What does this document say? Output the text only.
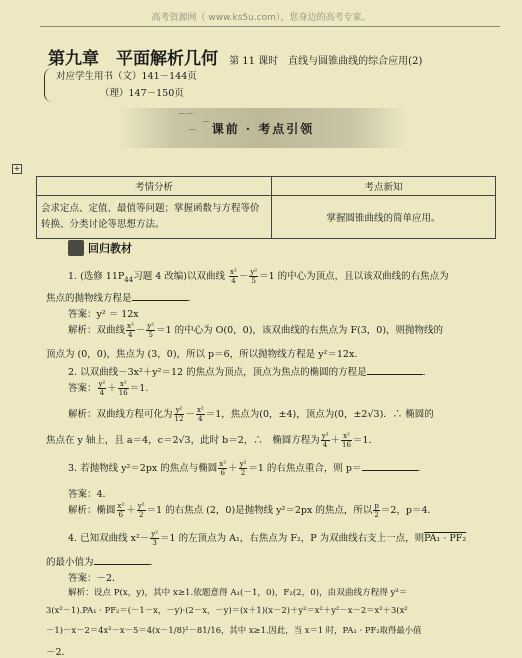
高考资源网（ www.ks5u.com），您身边的高考专家。
第九章　平面解析几何 第 11 课时　直线与圆锥曲线的综合应用(2)
对应学生用书（文）141－144页
（理）147－150页
⌒⌒
⌒
⌒	课前 · 考点引领
+
考情分析	考点新知
会求定点、定值、最值等问题；掌握函数与方程等价转换、分类讨论等思想方法。	掌握圆锥曲线的简单应用。
回归教材
1. (选修 $11P_{44}$习题 4 改编)以双曲线 $\frac{\text{x²}}{4} - \frac{\text{y²}}{5} =1$ 的中心为顶点，且以该双曲线的右焦点为
焦点的抛物线方程是	.
答案：y² ＝ 12x
解析：双曲线 $\frac{\text{x²}}{4} - \frac{\text{y²}}{5} =1$ 的中心为 O(0，0)，该双曲线的右焦点为 F(3，0)，则抛物线的
顶点为 (0，0)，焦点为 (3，0)，所以 p＝6，所以抛物线方程是 y²＝12x.
2. 以双曲线－3x²＋y²＝12 的焦点为顶点，顶点为焦点的椭圆的方程是	.
答案： $\frac{\text{y²}}{4} + \frac{\text{x²}}{16} =1$.
解析：双曲线方程可化为 $\frac{\text{y²}}{12} - \frac{\text{x²}}{4} =1$，焦点为(0，±4)，顶点为(0，±2√3)．∴ 椭圆的
焦点在 y 轴上，且 a＝4，c＝2√3，此时 b＝2，∴　椭圆方程为 $\frac{\text{y²}}{4} + \frac{\text{x²}}{16} =1$.
3. 若抛物线 y²＝2px 的焦点与椭圆 $\frac{\text{x²}}{6} + \frac{\text{y²}}{2} =1$ 的右焦点重合，则 p＝	.
答案：4．
解析：椭圆 $\frac{\text{x²}}{6} + \frac{\text{y²}}{2} =1$ 的右焦点 (2，0)是抛物线 y²＝2px 的焦点，所以 $\frac{p}{2} =2$，p＝4．
4. 已知双曲线 $x^2- \frac{\text{y²}}{3} =1$ 的左顶点为 A₁，右焦点为 F₂，P 为双曲线右支上一点，则PA₁ · PF₂
的最小值为	.
答案：－2．
解析：设点 P(x，y)，其中 x≥1.依题意得 A₁(－1，0)，F₂(2，0)，由双曲线方程得 y²＝
3(x²－1).PA₁ · PF₂＝(－1－x，－y)·(2－x，－y)＝(x＋1)(x－2)＋y²＝x²＋y²－x－2＝x²＋3(x²
－1)－x－2＝4x²－x－5＝4(x－1/8)²－81/16，其中 x≥1.因此，当 x＝1 时，PA₁ · PF₂取得最小值
－2．
